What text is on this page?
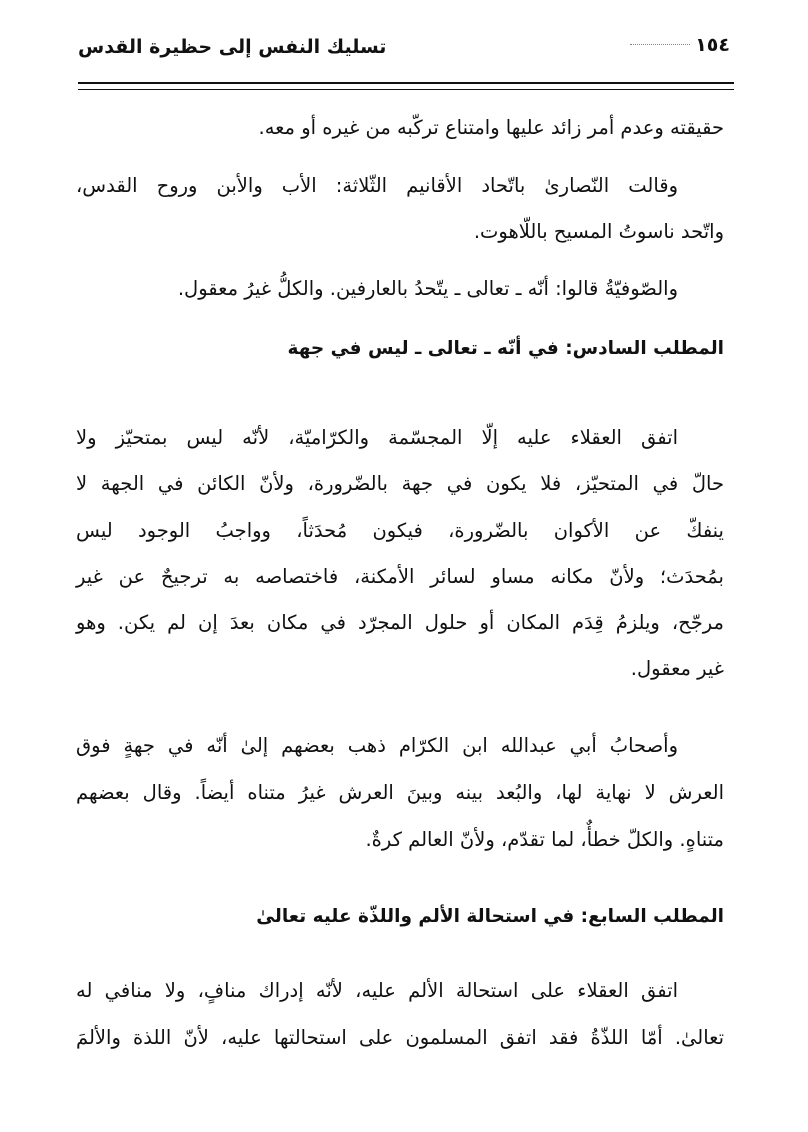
تسليك النفس إلى حظيرة القدس	١٥٤
حقيقته وعدم أمر زائد عليها وامتناع تركّبه من غيره أو معه.
وقالت النّصارىٰ باتّحاد الأقانيم الثّلاثة: الأب والأبن وروح القدس،
واتّحد ناسوتُ المسيح باللّاهوت.
والصّوفيّةُ قالوا: أنّه ـ تعالى ـ يتّحدُ بالعارفين. والكلُّ غيرُ معقول.
المطلب السادس: في أنّه ـ تعالى ـ ليس في جهة
اتفق العقلاء عليه إلّا المجسّمة والكرّاميّة، لأنّه ليس بمتحيّز ولا
حالّ في المتحيّز، فلا يكون في جهة بالضّرورة، ولأنّ الكائن في الجهة لا
ينفكّ عن الأكوان بالضّرورة، فيكون مُحدَثاً، وواجبُ الوجود ليس
بمُحدَث؛ ولأنّ مكانه مساو لسائر الأمكنة، فاختصاصه به ترجيحٌ عن غير
مرجّح، ويلزمُ قِدَم المكان أو حلول المجرّد في مكان بعدَ إن لم يكن. وهو
غير معقول.
وأصحابُ أبي عبدالله ابن الكرّام ذهب بعضهم إلىٰ أنّه في جهةٍ فوق
العرش لا نهاية لها، والبُعد بينه وبينَ العرش غيرُ متناه أيضاً. وقال بعضهم
متناهٍ. والكلّ خطأٌ، لما تقدّم، ولأنّ العالم كرةٌ.
المطلب السابع: في استحالة الألم واللذّة عليه تعالىٰ
اتفق العقلاء على استحالة الألم عليه، لأنّه إدراك منافٍ، ولا منافي له
تعالىٰ. أمّا اللذّةُ فقد اتفق المسلمون على استحالتها عليه، لأنّ اللذة والألمَ
